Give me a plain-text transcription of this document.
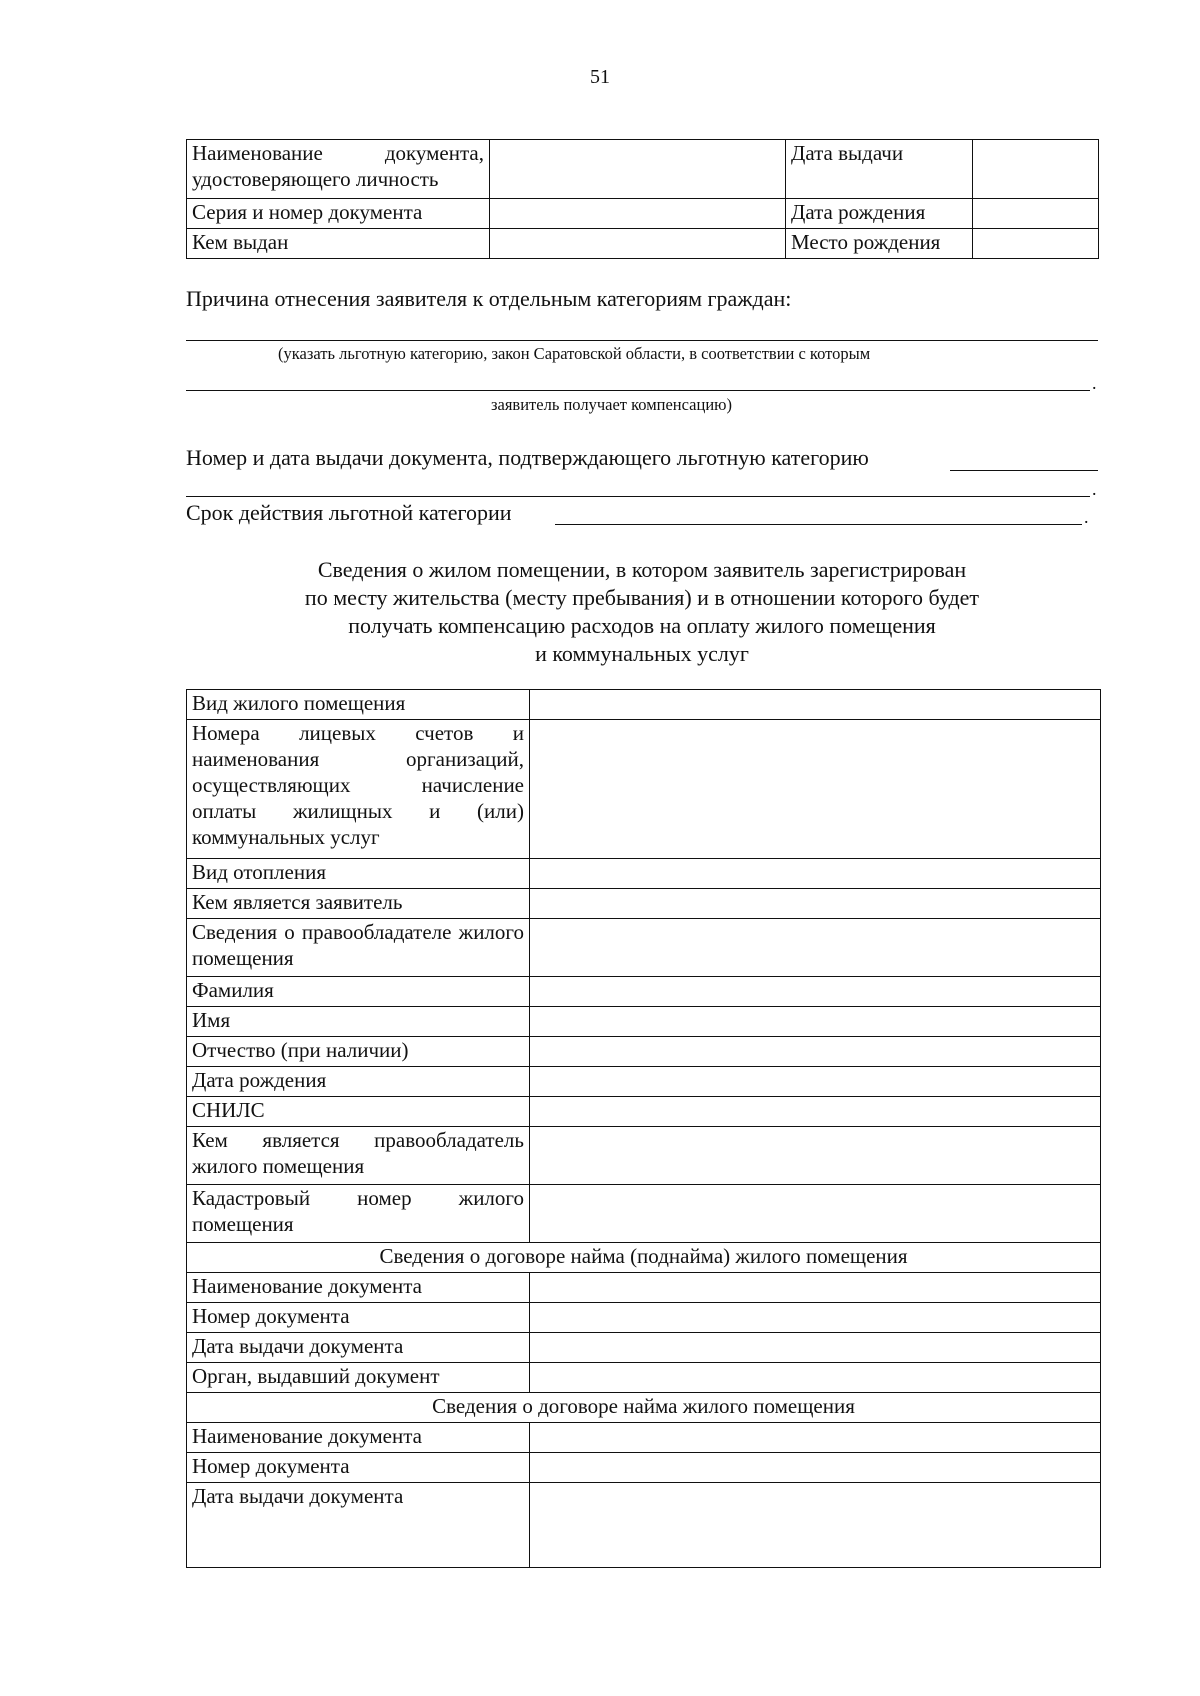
51
Наименование документа, удостоверяющего личность		Дата выдачи	
Серия и номер документа		Дата рождения	
Кем выдан		Место рождения	
Причина отнесения заявителя к отдельным категориям граждан:
(указать льготную категорию, закон Саратовской области, в соответствии с которым
.
заявитель получает компенсацию)
Номер и дата выдачи документа, подтверждающего льготную категорию
.
Срок действия льготной категории	.
Сведения о жилом помещении, в котором заявитель зарегистрирован
по месту жительства (месту пребывания) и в отношении которого будет
получать компенсацию расходов на оплату жилого помещения
и коммунальных услуг
Вид жилого помещения	
Номера лицевых счетов и наименования организаций, осуществляющих начисление оплаты жилищных и (или) коммунальных услуг	
Вид отопления	
Кем является заявитель	
Сведения о правообладателе жилого помещения	
Фамилия	
Имя	
Отчество (при наличии)	
Дата рождения	
СНИЛС	
Кем является правообладатель жилого помещения	
Кадастровый номер жилого помещения	
Сведения о договоре найма (поднайма) жилого помещения	
Наименование документа	
Номер документа	
Дата выдачи документа	
Орган, выдавший документ	
Сведения о договоре найма жилого помещения	
Наименование документа	
Номер документа	
Дата выдачи документа	
